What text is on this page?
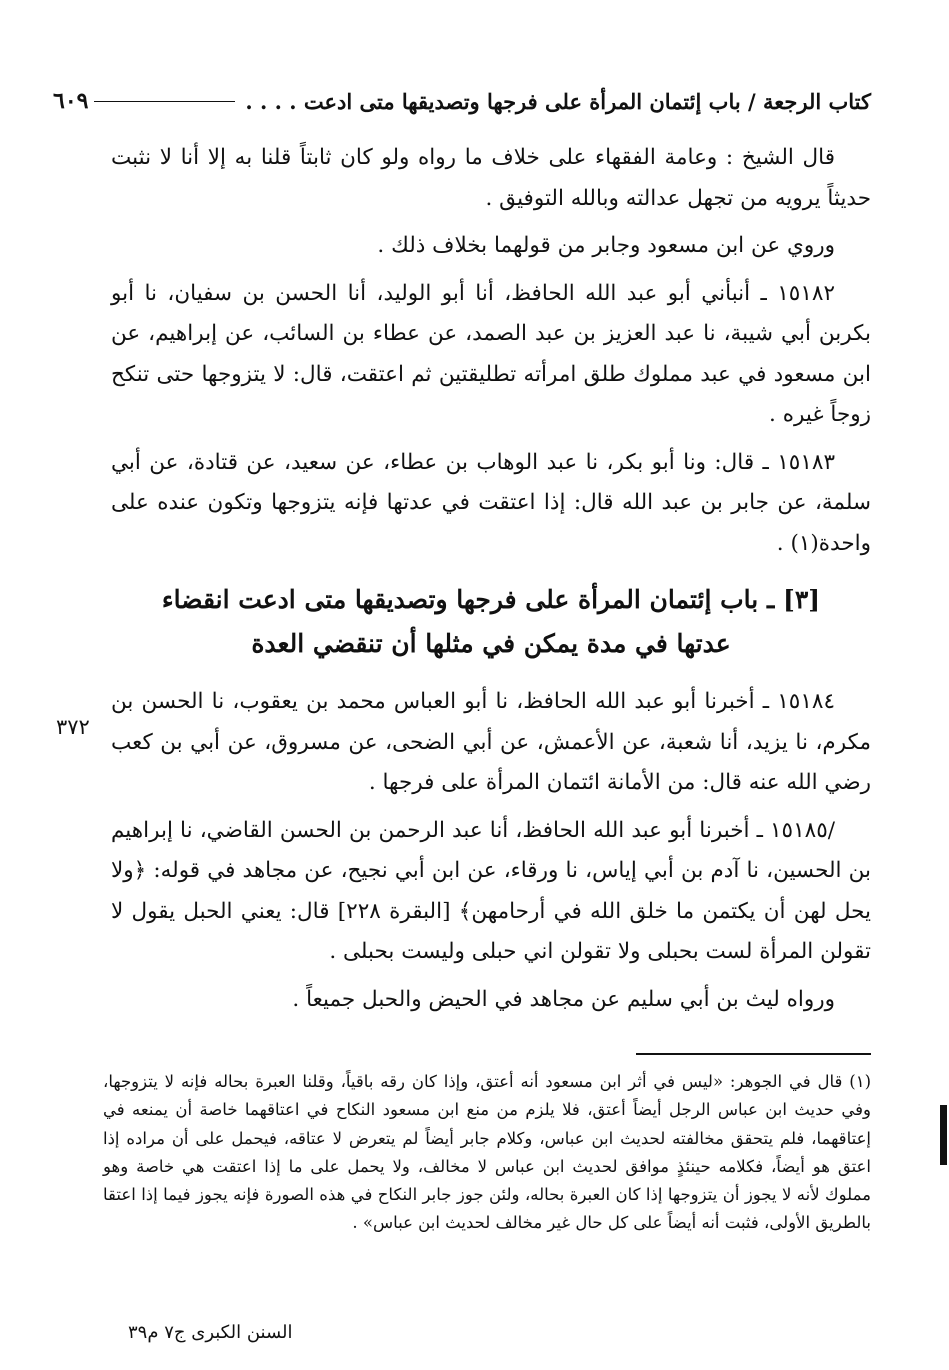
كتاب الرجعة / باب إئتمان المرأة على فرجها وتصديقها متى ادعت . . . .
٦٠٩

قال الشيخ : وعامة الفقهاء على خلاف ما رواه ولو كان ثابتاً قلنا به إلا أنا لا نثبت حديثاً يرويه من تجهل عدالته وبالله التوفيق .

وروي عن ابن مسعود وجابر من قولهما بخلاف ذلك .

١٥١٨٢ ـ أنبأني أبو عبد الله الحافظ، أنا أبو الوليد، أنا الحسن بن سفيان، نا أبو بكربن أبي شيبة، نا عبد العزيز بن عبد الصمد، عن عطاء بن السائب، عن إبراهيم، عن ابن مسعود في عبد مملوك طلق امرأته تطليقتين ثم اعتقت، قال: لا يتزوجها حتى تنكح زوجاً غيره .

١٥١٨٣ ـ قال: ونا أبو بكر، نا عبد الوهاب بن عطاء، عن سعيد، عن قتادة، عن أبي سلمة، عن جابر بن عبد الله قال: إذا اعتقت في عدتها فإنه يتزوجها وتكون عنده على واحدة(١) .

[٣] ـ باب إئتمان المرأة على فرجها وتصديقها متى ادعت انقضاء
عدتها في مدة يمكن في مثلها أن تنقضي العدة

١٥١٨٤ ـ أخبرنا أبو عبد الله الحافظ، نا أبو العباس محمد بن يعقوب، نا الحسن بن مكرم، نا يزيد، أنا شعبة، عن الأعمش، عن أبي الضحى، عن مسروق، عن أبي بن كعب رضي الله عنه قال: من الأمانة ائتمان المرأة على فرجها .

/١٥١٨٥ ـ أخبرنا أبو عبد الله الحافظ، أنا عبد الرحمن بن الحسن القاضي، نا إبراهيم بن الحسين، نا آدم بن أبي إياس، نا ورقاء، عن ابن أبي نجيح، عن مجاهد في قوله: ﴿ولا يحل لهن أن يكتمن ما خلق الله في أرحامهن﴾ [البقرة ٢٢٨] قال: يعني الحبل يقول لا تقولن المرأة لست بحبلى ولا تقولن اني حبلى وليست بحبلى .

ورواه ليث بن أبي سليم عن مجاهد في الحيض والحبل جميعاً .

٣٧٢

(١) قال في الجوهر: «ليس في أثر ابن مسعود أنه أعتق، وإذا كان رقه باقياً، وقلنا العبرة بحاله فإنه لا يتزوجها، وفي حديث ابن عباس الرجل أيضاً أعتق، فلا يلزم من منع ابن مسعود النكاح في اعتاقهما خاصة أن يمنعه في إعتاقهما، فلم يتحقق مخالفته لحديث ابن عباس، وكلام جابر أيضاً لم يتعرض لا عتاقه، فيحمل على أن مراده إذا اعتق هو أيضاً، فكلامه حينئذٍ موافق لحديث ابن عباس لا مخالف، ولا يحمل على ما إذا اعتقت هي خاصة وهو مملوك لأنه لا يجوز أن يتزوجها إذا كان العبرة بحاله، ولئن جوز جابر النكاح في هذه الصورة فإنه يجوز فيما إذا اعتقا بالطريق الأولى، فثبت أنه أيضاً على كل حال غير مخالف لحديث ابن عباس» .

السنن الكبرى ج٧ م٣٩
